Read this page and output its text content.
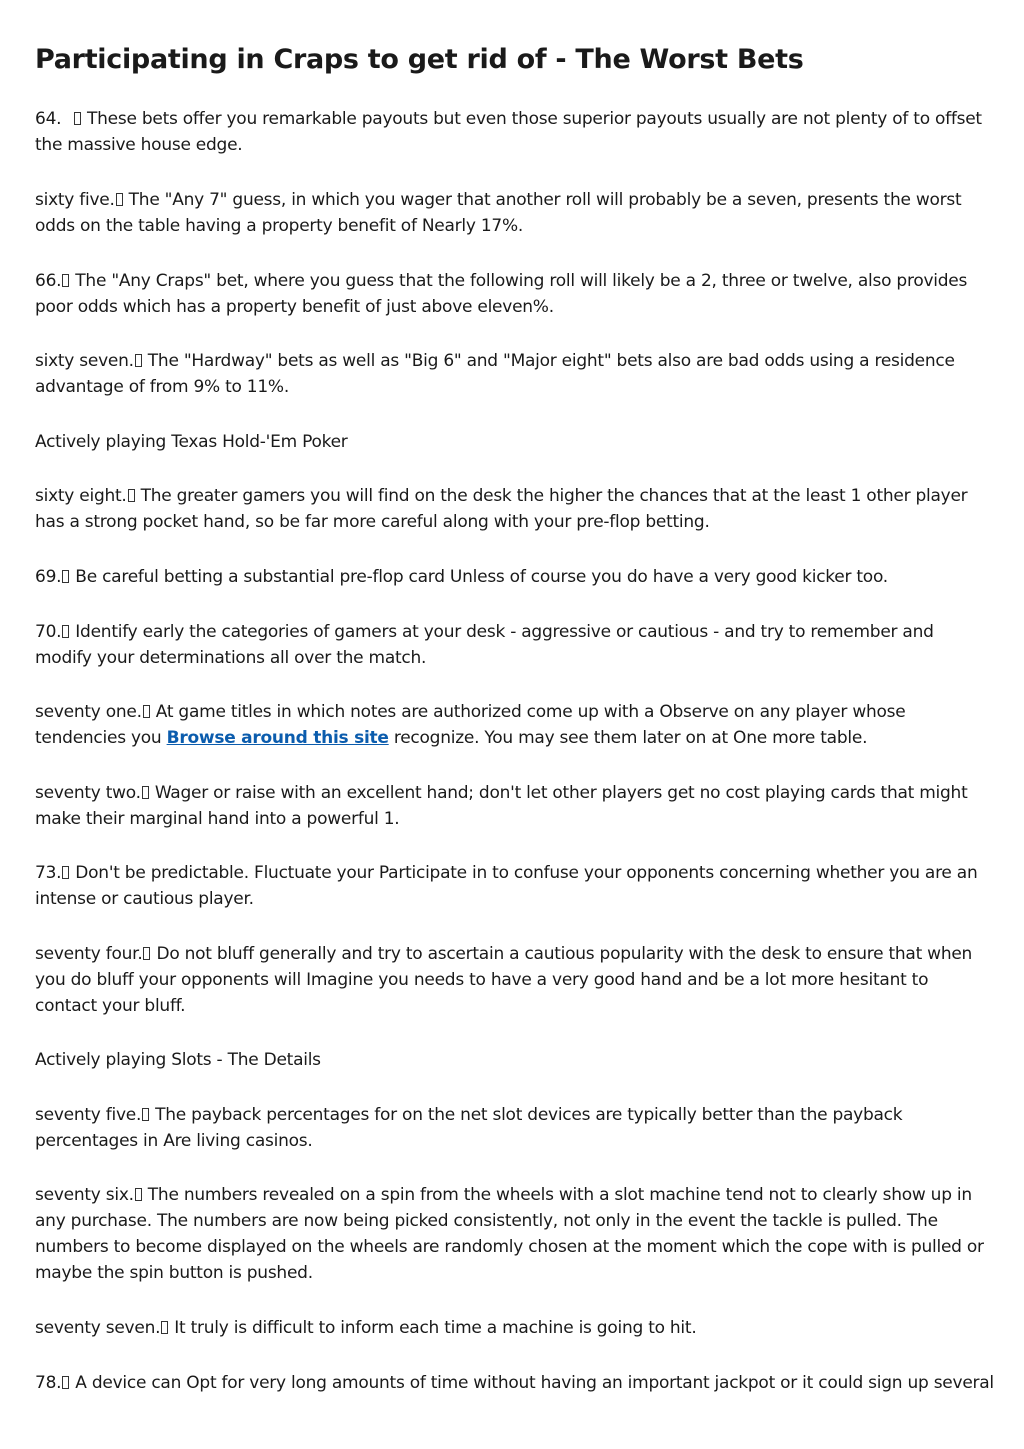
Participating in Craps to get rid of - The Worst Bets

64. These bets offer you remarkable payouts but even those superior payouts usually are not plenty of to offset the massive house edge.

sixty five. The "Any 7" guess, in which you wager that another roll will probably be a seven, presents the worst odds on the table having a property benefit of Nearly 17%.

66. The "Any Craps" bet, where you guess that the following roll will likely be a 2, three or twelve, also provides poor odds which has a property benefit of just above eleven%.

sixty seven. The "Hardway" bets as well as "Big 6" and "Major eight" bets also are bad odds using a residence advantage of from 9% to 11%.

Actively playing Texas Hold-'Em Poker

sixty eight. The greater gamers you will find on the desk the higher the chances that at the least 1 other player has a strong pocket hand, so be far more careful along with your pre-flop betting.

69. Be careful betting a substantial pre-flop card Unless of course you do have a very good kicker too.

70. Identify early the categories of gamers at your desk - aggressive or cautious - and try to remember and modify your determinations all over the match.

seventy one. At game titles in which notes are authorized come up with a Observe on any player whose tendencies you Browse around this site recognize. You may see them later on at One more table.

seventy two. Wager or raise with an excellent hand; don't let other players get no cost playing cards that might make their marginal hand into a powerful 1.

73. Don't be predictable. Fluctuate your Participate in to confuse your opponents concerning whether you are an intense or cautious player.

seventy four. Do not bluff generally and try to ascertain a cautious popularity with the desk to ensure that when you do bluff your opponents will Imagine you needs to have a very good hand and be a lot more hesitant to contact your bluff.

Actively playing Slots - The Details

seventy five. The payback percentages for on the net slot devices are typically better than the payback percentages in Are living casinos.

seventy six. The numbers revealed on a spin from the wheels with a slot machine tend not to clearly show up in any purchase. The numbers are now being picked consistently, not only in the event the tackle is pulled. The numbers to become displayed on the wheels are randomly chosen at the moment which the cope with is pulled or maybe the spin button is pushed.

seventy seven. It truly is difficult to inform each time a machine is going to hit.

78. A device can Opt for very long amounts of time without having an important jackpot or it could sign up several
